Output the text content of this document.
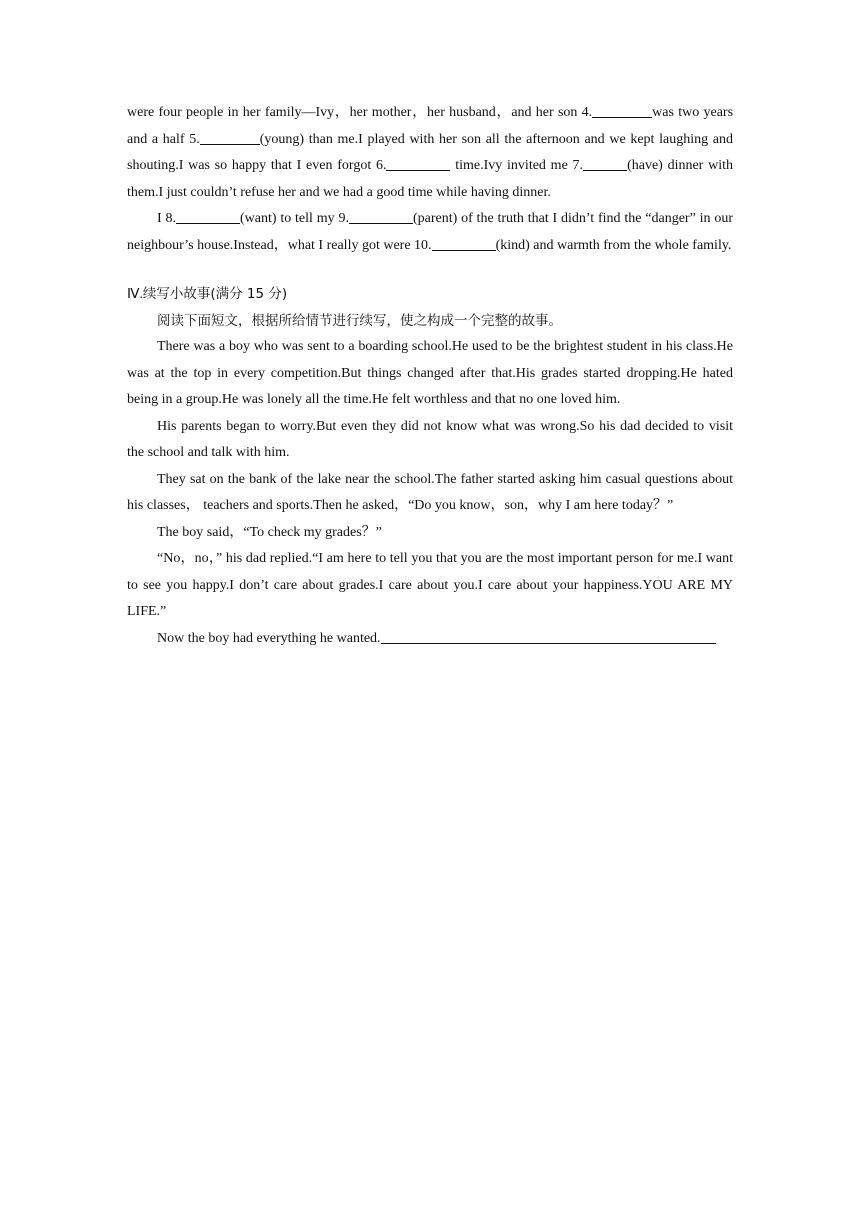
were four people in her family—Ivy，her mother，her husband，and her son 4.	was two years and a half 5.	(young) than me.I played with her son all the afternoon and we kept laughing and shouting.I was so happy that I even forgot 6.	time.Ivy invited me 7.	(have) dinner with them.I just couldn’t refuse her and we had a good time while having dinner.

I 8.	(want) to tell my 9.	(parent) of the truth that I didn’t find the “danger” in our neighbour’s house.Instead，what I really got were 10.	(kind) and warmth from the whole family.

Ⅳ.续写小故事(满分 15 分)

阅读下面短文，根据所给情节进行续写，使之构成一个完整的故事。

There was a boy who was sent to a boarding school.He used to be the brightest student in his class.He was at the top in every competition.But things changed after that.His grades started dropping.He hated being in a group.He was lonely all the time.He felt worthless and that no one loved him.

His parents began to worry.But even they did not know what was wrong.So his dad decided to visit the school and talk with him.

They sat on the bank of the lake near the school.The father started asking him casual questions about his classes， teachers and sports.Then he asked，“Do you know，son，why I am here today？”

The boy said，“To check my grades？”

“No，no，” his dad replied.“I am here to tell you that you are the most important person for me.I want to see you happy.I don’t care about grades.I care about you.I care about your happiness.YOU ARE MY LIFE.”

Now the boy had everything he wanted.
